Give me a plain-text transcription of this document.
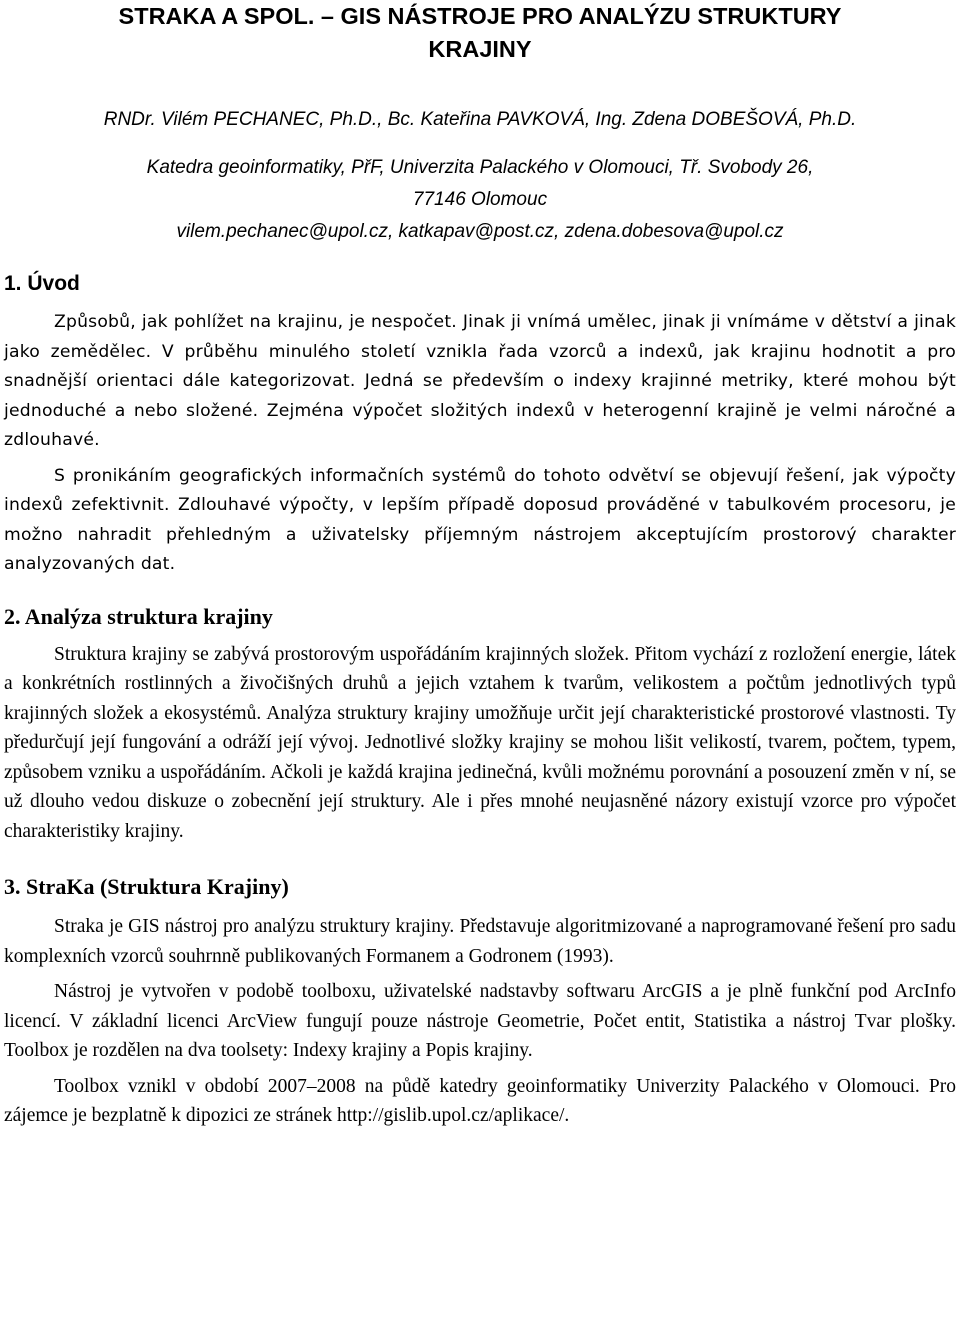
STRAKA A SPOL. – GIS NÁSTROJE PRO ANALÝZU STRUKTURY
KRAJINY
RNDr. Vilém PECHANEC, Ph.D., Bc. Kateřina PAVKOVÁ, Ing. Zdena DOBEŠOVÁ, Ph.D.
Katedra geoinformatiky, PřF, Univerzita Palackého v Olomouci, Tř. Svobody 26,
77146 Olomouc
vilem.pechanec@upol.cz, katkapav@post.cz, zdena.dobesova@upol.cz
1. Úvod

Způsobů, jak pohlížet na krajinu, je nespočet. Jinak ji vnímá umělec, jinak ji vnímáme v dětství a jinak jako zemědělec. V průběhu minulého století vznikla řada vzorců a indexů, jak krajinu hodnotit a pro snadnější orientaci dále kategorizovat. Jedná se především o indexy krajinné metriky, které mohou být jednoduché a nebo složené. Zejména výpočet složitých indexů v heterogenní krajině je velmi náročné a zdlouhavé.

S pronikáním geografických informačních systémů do tohoto odvětví se objevují řešení, jak výpočty indexů zefektivnit. Zdlouhavé výpočty, v lepším případě doposud prováděné v tabulkovém procesoru, je možno nahradit přehledným a uživatelsky příjemným nástrojem akceptujícím prostorový charakter analyzovaných dat.

2. Analýza struktura krajiny

Struktura krajiny se zabývá prostorovým uspořádáním krajinných složek. Přitom vychází z rozložení energie, látek a konkrétních rostlinných a živočišných druhů a jejich vztahem k tvarům, velikostem a počtům jednotlivých typů krajinných složek a ekosystémů. Analýza struktury krajiny umožňuje určit její charakteristické prostorové vlastnosti. Ty předurčují její fungování a odráží její vývoj. Jednotlivé složky krajiny se mohou lišit velikostí, tvarem, počtem, typem, způsobem vzniku a uspořádáním. Ačkoli je každá krajina jedinečná, kvůli možnému porovnání a posouzení změn v ní, se už dlouho vedou diskuze o zobecnění její struktury. Ale i přes mnohé neujasněné názory existují vzorce pro výpočet charakteristiky krajiny.

3. StraKa (Struktura Krajiny)

Straka je GIS nástroj pro analýzu struktury krajiny. Představuje algoritmizované a naprogramované řešení pro sadu komplexních vzorců souhrnně publikovaných Formanem a Godronem (1993).

Nástroj je vytvořen v podobě toolboxu, uživatelské nadstavby softwaru ArcGIS a je plně funkční pod ArcInfo licencí. V základní licenci ArcView fungují pouze nástroje Geometrie, Počet entit, Statistika a nástroj Tvar plošky. Toolbox je rozdělen na dva toolsety: Indexy krajiny a Popis krajiny.

Toolbox vznikl v období 2007–2008 na půdě katedry geoinformatiky Univerzity Palackého v Olomouci. Pro zájemce je bezplatně k dipozici ze stránek http://gislib.upol.cz/aplikace/.
